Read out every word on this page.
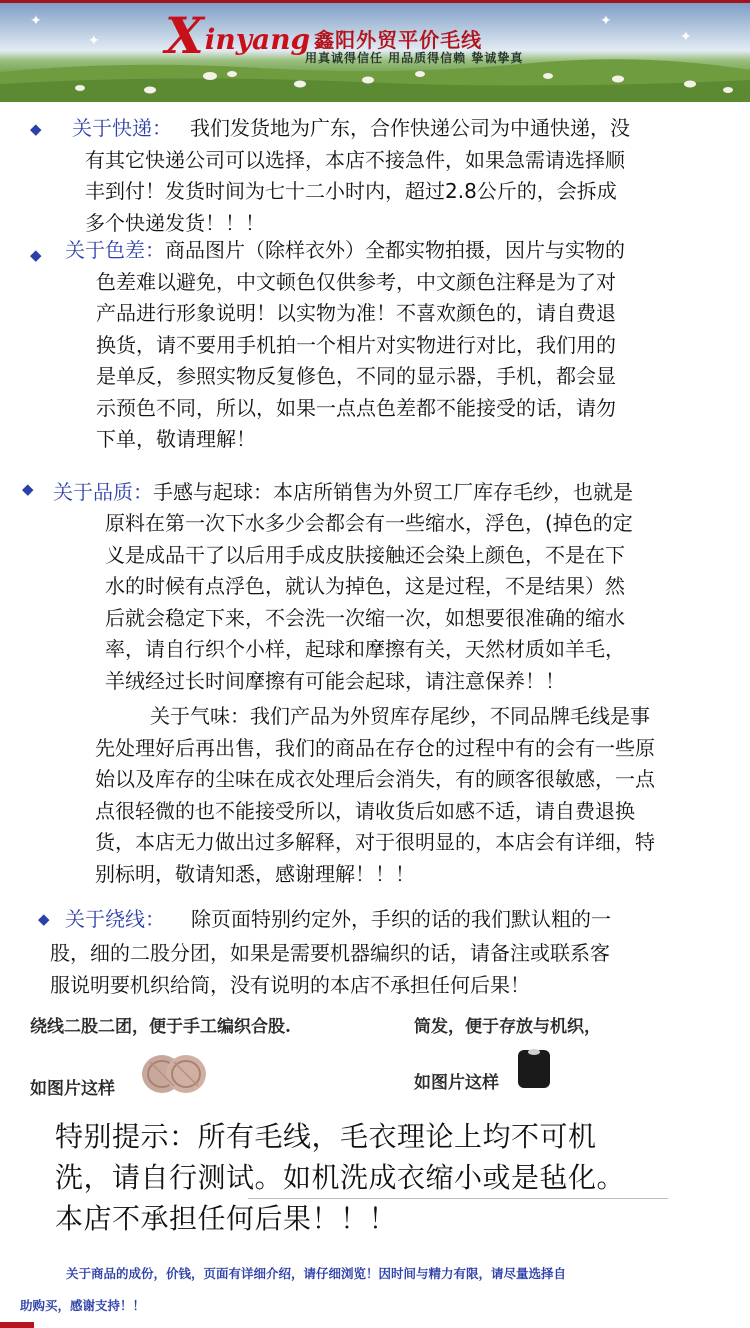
✦
✦
✦
✦
X inyang 鑫阳外贸平价毛线
用真诚得信任 用品质得信赖 挚诚挚真
◆ 关于快递： 我们发货地为广东，合作快递公司为中通快递，没
有其它快递公司可以选择，本店不接急件，如果急需请选择顺
丰到付！发货时间为七十二小时内，超过2.8公斤的，会拆成
多个快递发货！！！
◆ 关于色差：商品图片（除样衣外）全都实物拍摄，因片与实物的
色差难以避免，中文顿色仅供参考，中文颜色注释是为了对
产品进行形象说明！以实物为准！不喜欢颜色的，请自费退
换货，请不要用手机拍一个相片对实物进行对比，我们用的
是单反，参照实物反复修色，不同的显示器，手机，都会显
示预色不同，所以，如果一点点色差都不能接受的话，请勿
下单，敬请理解！
◆ 关于品质：手感与起球：本店所销售为外贸工厂库存毛纱，也就是
原料在第一次下水多少会都会有一些缩水，浮色，(掉色的定
义是成品干了以后用手成皮肤接触还会染上颜色，不是在下
水的时候有点浮色，就认为掉色，这是过程，不是结果）然
后就会稳定下来，不会洗一次缩一次，如想要很准确的缩水
率，请自行织个小样，起球和摩擦有关，天然材质如羊毛，
羊绒经过长时间摩擦有可能会起球，请注意保养！！
关于气味：我们产品为外贸库存尾纱，不同品牌毛线是事
先处理好后再出售，我们的商品在存仓的过程中有的会有一些原
始以及库存的尘味在成衣处理后会消失，有的顾客很敏感，一点
点很轻微的也不能接受所以，请收货后如感不适，请自费退换
货，本店无力做出过多解释，对于很明显的，本店会有详细，特
别标明，敬请知悉，感谢理解！！！
◆ 关于绕线： 除页面特别约定外，手织的话的我们默认粗的一
股，细的二股分团，如果是需要机器编织的话，请备注或联系客
服说明要机织给筒，没有说明的本店不承担任何后果！
绕线二股二团，便于手工编织合股.
如图片这样
筒发，便于存放与机织，
如图片这样
特别提示：所有毛线，毛衣理论上均不可机
洗，请自行测试。如机洗成衣缩小或是毡化。
本店不承担任何后果！！！
关于商品的成份，价钱，页面有详细介绍，请仔细浏览！因时间与精力有限，请尽量选择自
助购买，感谢支持！！
